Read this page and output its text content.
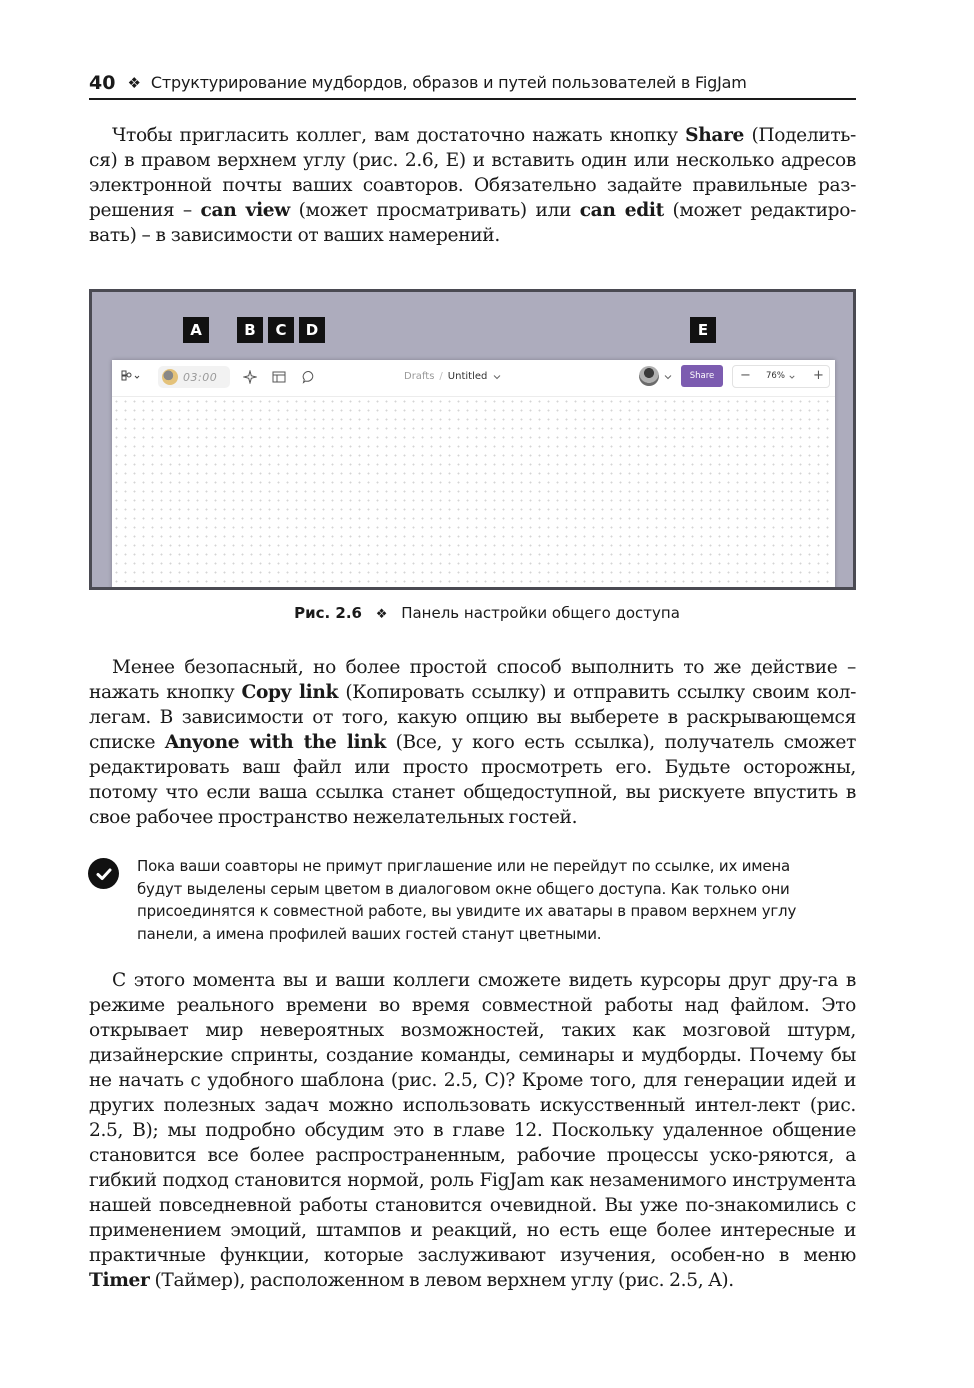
40 ❖ Структурирование мудбордов, образов и путей пользователей в FigJam

Чтобы пригласить коллег, вам достаточно нажать кнопку Share (Поделить-ся) в правом верхнем углу (рис. 2.6, E) и вставить один или несколько адресов электронной почты ваших соавторов. Обязательно задайте правильные раз-решения – can view (может просматривать) или can edit (может редактиро-вать) – в зависимости от ваших намерений.

A	B	C	D	E
03:00	Drafts / Untitled	Share	− 76% +
Рис. 2.6 ❖ Панель настройки общего доступа

Менее безопасный, но более простой способ выполнить то же действие – нажать кнопку Copy link (Копировать ссылку) и отправить ссылку своим кол-легам. В зависимости от того, какую опцию вы выберете в раскрывающемся списке Anyone with the link (Все, у кого есть ссылка), получатель сможет редактировать ваш файл или просто просмотреть его. Будьте осторожны, потому что если ваша ссылка станет общедоступной, вы рискуете впустить в свое рабочее пространство нежелательных гостей.

Пока ваши соавторы не примут приглашение или не перейдут по ссылке, их имена будут выделены серым цветом в диалоговом окне общего доступа. Как только они присоединятся к совместной работе, вы увидите их аватары в правом верхнем углу панели, а имена профилей ваших гостей станут цветными.

С этого момента вы и ваши коллеги сможете видеть курсоры друг дру-га в режиме реального времени во время совместной работы над файлом. Это открывает мир невероятных возможностей, таких как мозговой штурм, дизайнерские спринты, создание команды, семинары и мудборды. Почему бы не начать с удобного шаблона (рис. 2.5, C)? Кроме того, для генерации идей и других полезных задач можно использовать искусственный интел-лект (рис. 2.5, B); мы подробно обсудим это в главе 12. Поскольку удаленное общение становится все более распространенным, рабочие процессы уско-ряются, а гибкий подход становится нормой, роль FigJam как незаменимого инструмента нашей повседневной работы становится очевидной. Вы уже по-знакомились с применением эмоций, штампов и реакций, но есть еще более интересные и практичные функции, которые заслуживают изучения, особен-но в меню Timer (Таймер), расположенном в левом верхнем углу (рис. 2.5, A).
